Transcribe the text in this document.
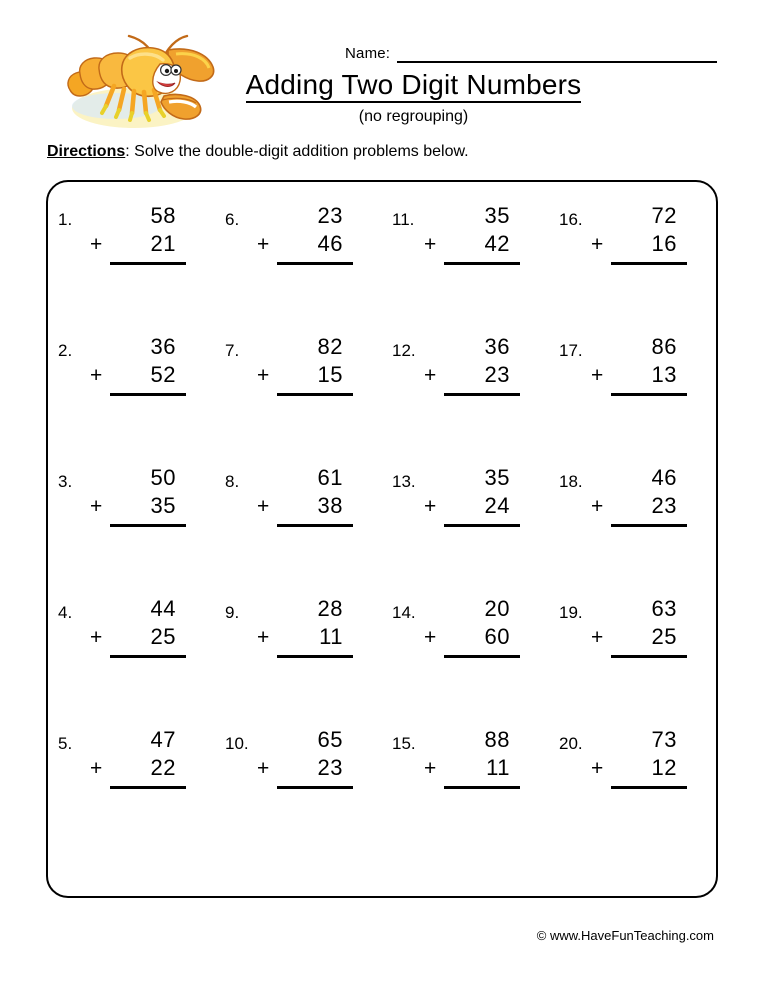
Name:
Adding Two Digit Numbers
(no regrouping)
Directions: Solve the double-digit addition problems below.
1.	58
+	21
6.	23
+	46
11.	35
+	42
16.	72
+	16
2.	36
+	52
7.	82
+	15
12.	36
+	23
17.	86
+	13
3.	50
+	35
8.	61
+	38
13.	35
+	24
18.	46
+	23
4.	44
+	25
9.	28
+	11
14.	20
+	60
19.	63
+	25
5.	47
+	22
10.	65
+	23
15.	88
+	11
20.	73
+	12
© www.HaveFunTeaching.com
